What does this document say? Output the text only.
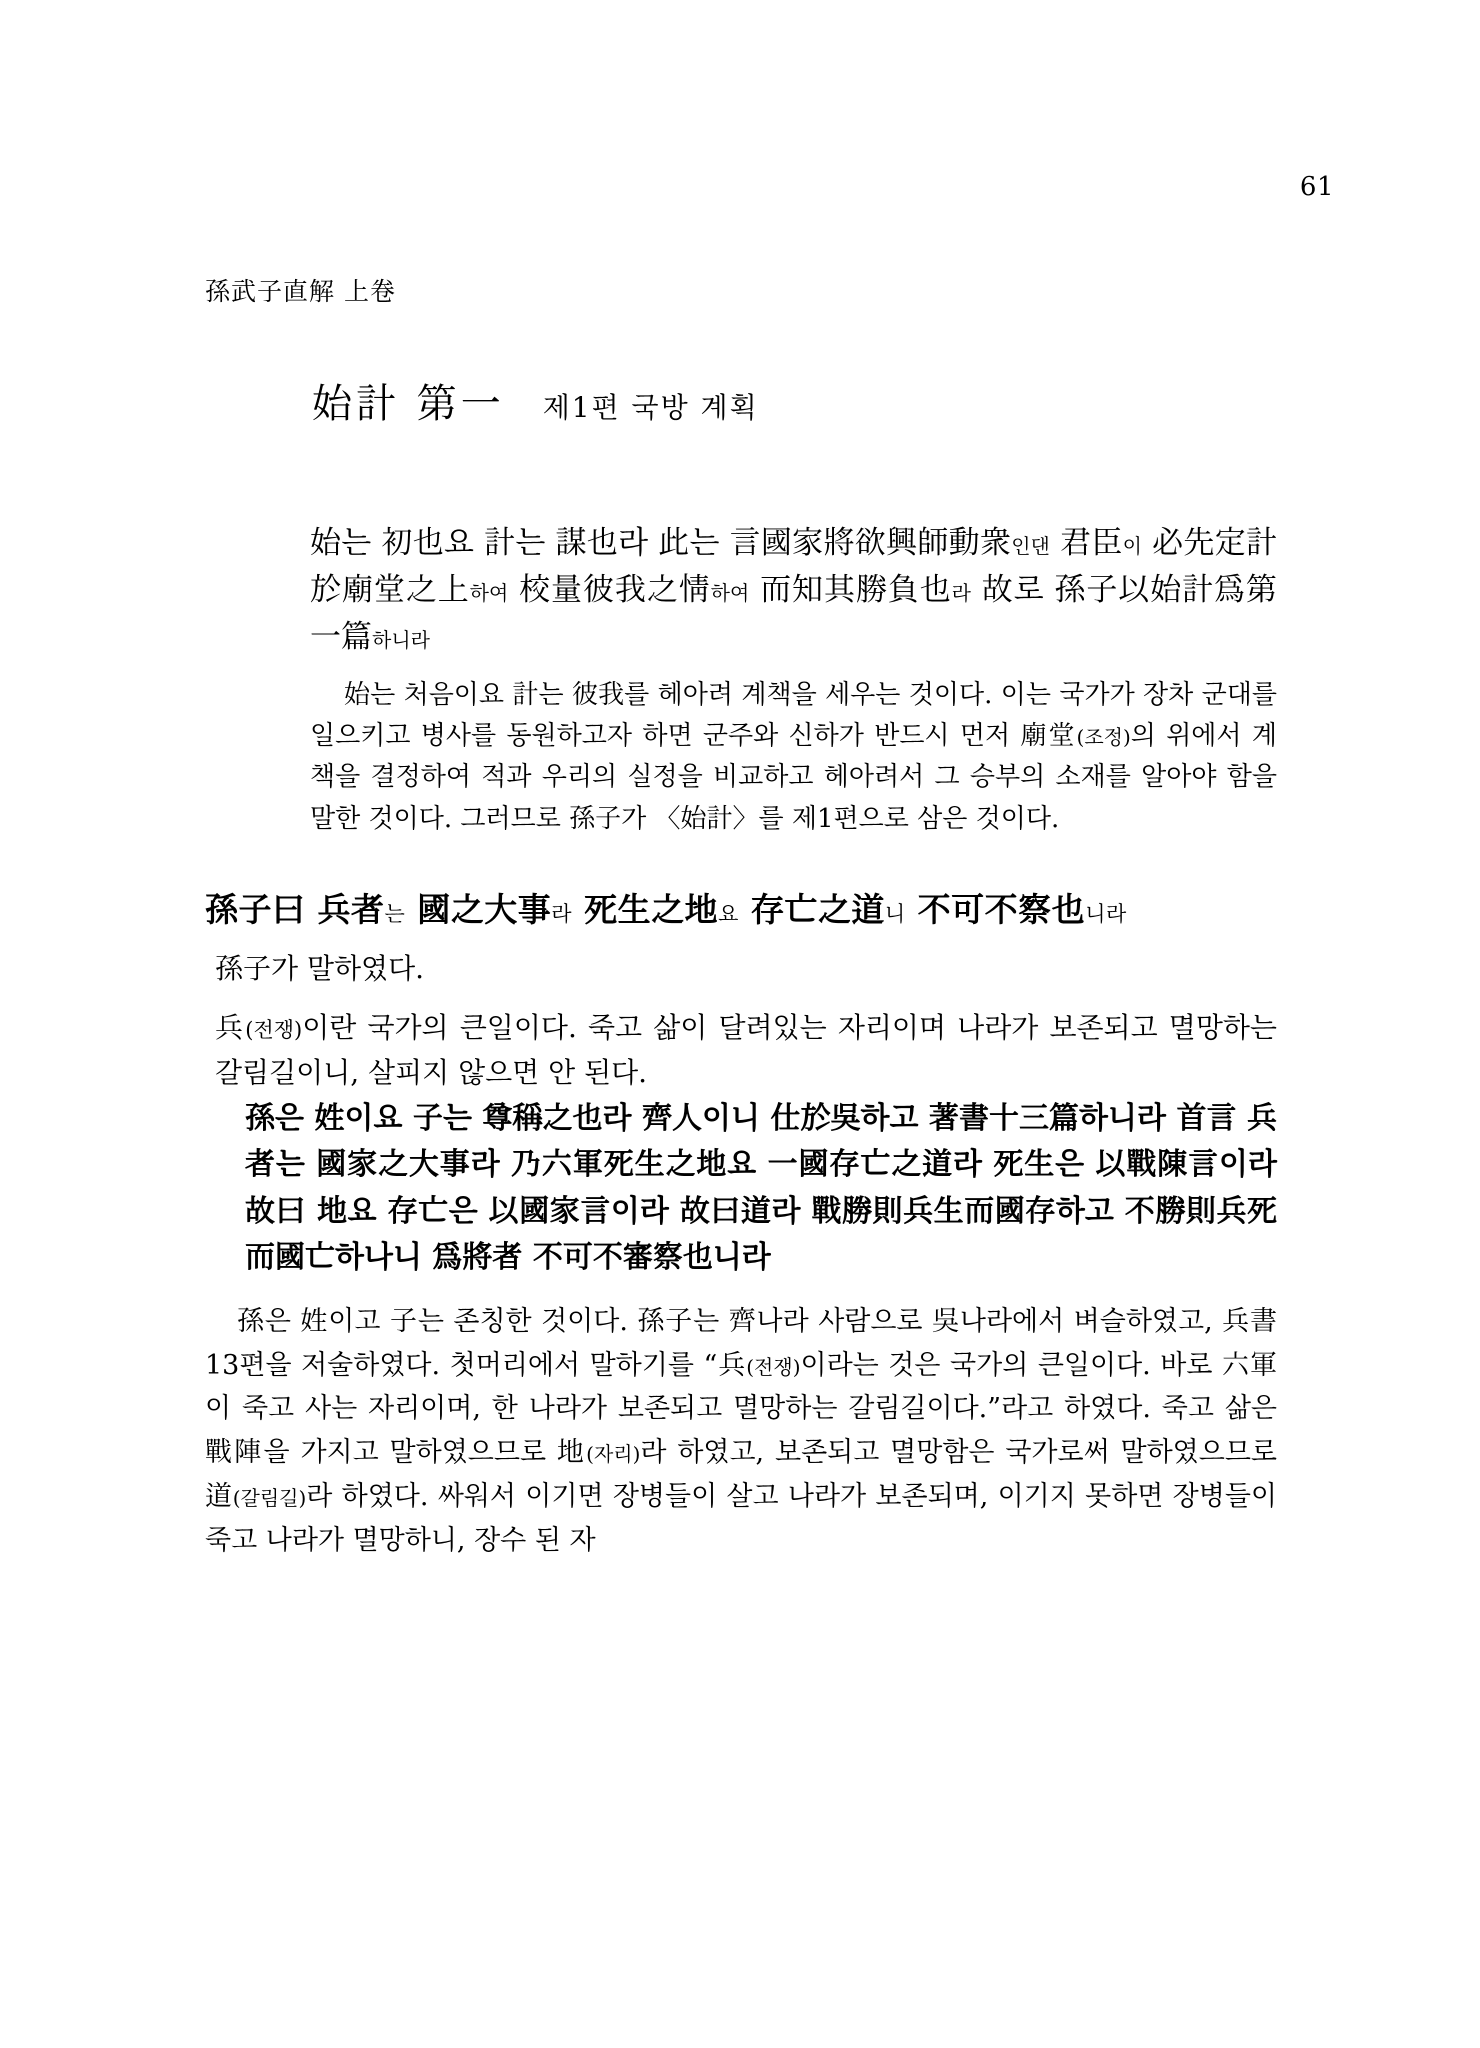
61
孫武子直解 上卷
始計 第一 제1편 국방 계획

始는 初也요 計는 謀也라 此는 言國家將欲興師動衆인댄 君臣이 必先定計於廟堂之上하여 校量彼我之情하여 而知其勝負也라 故로 孫子以始計爲第一篇하니라

始는 처음이요 計는 彼我를 헤아려 계책을 세우는 것이다. 이는 국가가 장차 군대를 일으키고 병사를 동원하고자 하면 군주와 신하가 반드시 먼저 廟堂(조정)의 위에서 계책을 결정하여 적과 우리의 실정을 비교하고 헤아려서 그 승부의 소재를 알아야 함을 말한 것이다. 그러므로 孫子가 〈始計〉를 제1편으로 삼은 것이다.

孫子曰 兵者는 國之大事라 死生之地요 存亡之道니 不可不察也니라

孫子가 말하였다.

兵(전쟁)이란 국가의 큰일이다. 죽고 삶이 달려있는 자리이며 나라가 보존되고 멸망하는 갈림길이니, 살피지 않으면 안 된다.

孫은 姓이요 子는 尊稱之也라 齊人이니 仕於吳하고 著書十三篇하니라 首言 兵者는 國家之大事라 乃六軍死生之地요 一國存亡之道라 死生은 以戰陳言이라 故曰 地요 存亡은 以國家言이라 故曰道라 戰勝則兵生而國存하고 不勝則兵死而國亡하나니 爲將者 不可不審察也니라

孫은 姓이고 子는 존칭한 것이다. 孫子는 齊나라 사람으로 吳나라에서 벼슬하였고, 兵書 13편을 저술하였다. 첫머리에서 말하기를 “兵(전쟁)이라는 것은 국가의 큰일이다. 바로 六軍이 죽고 사는 자리이며, 한 나라가 보존되고 멸망하는 갈림길이다.”라고 하였다. 죽고 삶은 戰陣을 가지고 말하였으므로 地(자리)라 하였고, 보존되고 멸망함은 국가로써 말하였으므로 道(갈림길)라 하였다. 싸워서 이기면 장병들이 살고 나라가 보존되며, 이기지 못하면 장병들이 죽고 나라가 멸망하니, 장수 된 자
